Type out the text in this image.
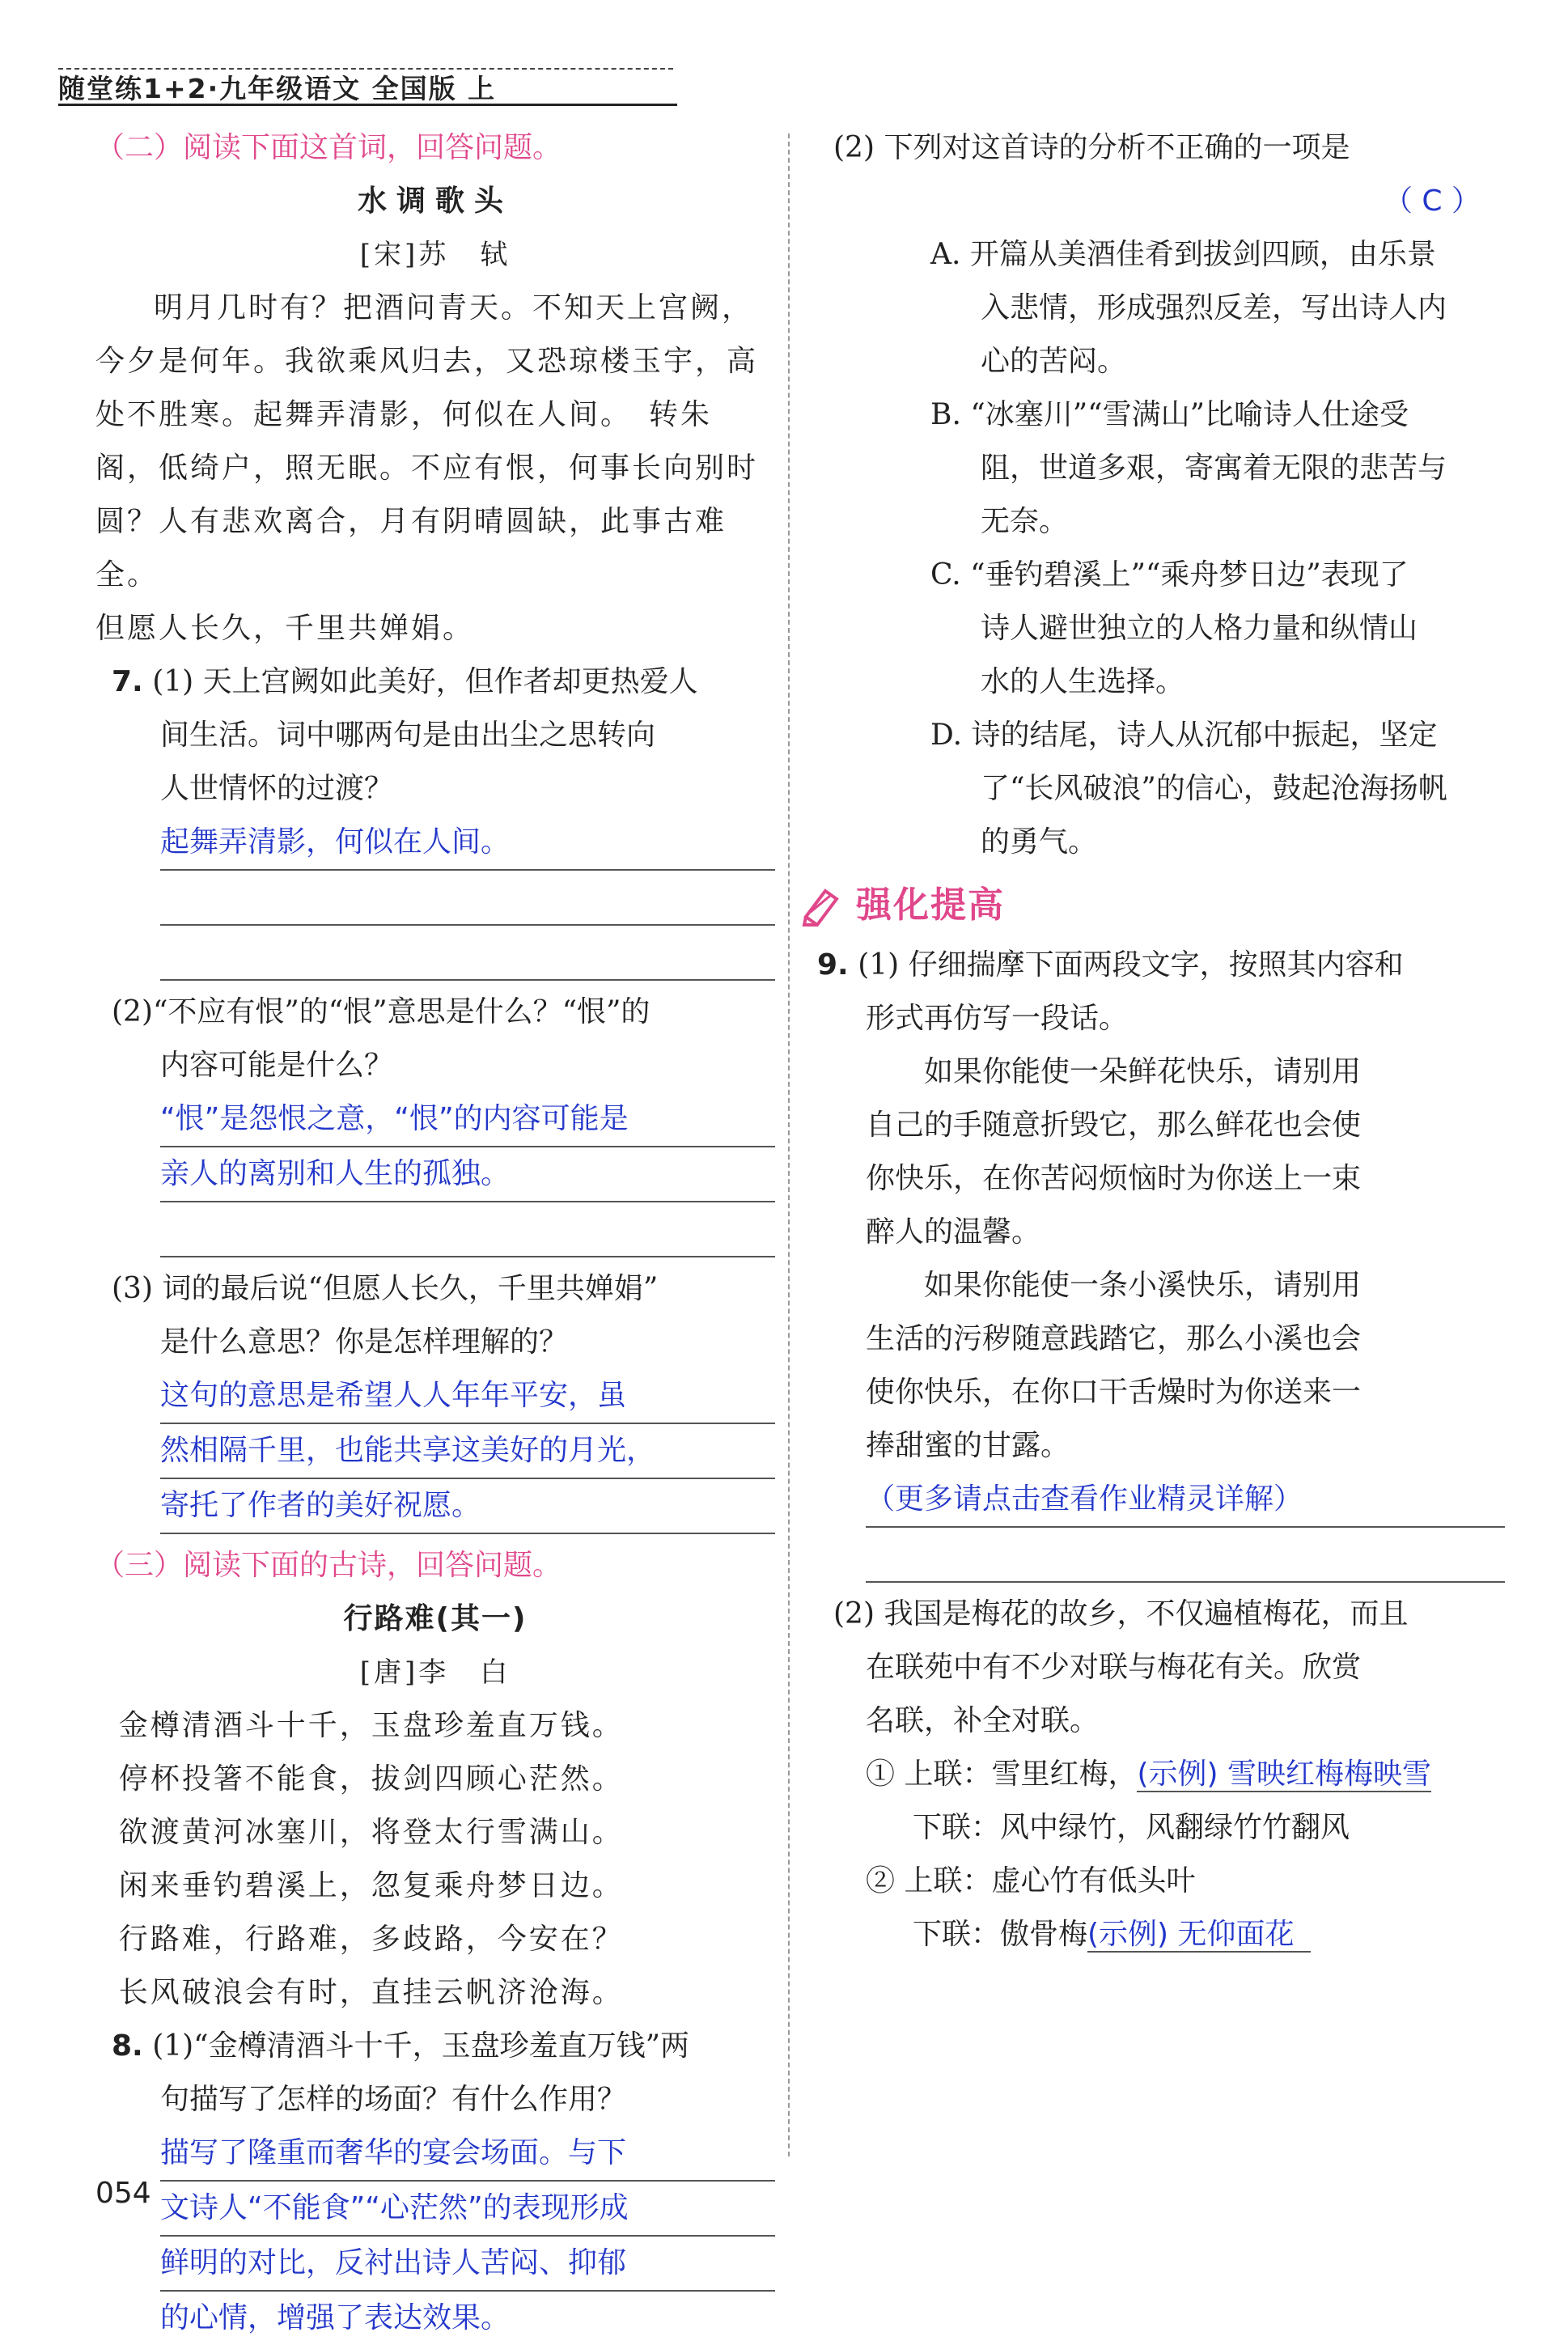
随堂练1+2·九年级语文 全国版 上
（二）阅读下面这首词，回答问题。
水调歌头
[宋]苏　轼
明月几时有？把酒问青天。不知天上宫阙，
今夕是何年。我欲乘风归去，又恐琼楼玉宇，高
处不胜寒。起舞弄清影，何似在人间。　转朱
阁，低绮户，照无眠。不应有恨，何事长向别时
圆？人有悲欢离合，月有阴晴圆缺，此事古难全。
但愿人长久，千里共婵娟。
7. (1) 天上宫阙如此美好，但作者却更热爱人
间生活。词中哪两句是由出尘之思转向
人世情怀的过渡？
起舞弄清影，何似在人间。
(2)“不应有恨”的“恨”意思是什么？“恨”的
内容可能是什么？
“恨”是怨恨之意，“恨”的内容可能是
亲人的离别和人生的孤独。
(3) 词的最后说“但愿人长久，千里共婵娟”
是什么意思？你是怎样理解的？
这句的意思是希望人人年年平安，虽
然相隔千里，也能共享这美好的月光，
寄托了作者的美好祝愿。
（三）阅读下面的古诗，回答问题。
行路难(其一)
[唐]李　白
金樽清酒斗十千，玉盘珍羞直万钱。
停杯投箸不能食，拔剑四顾心茫然。
欲渡黄河冰塞川，将登太行雪满山。
闲来垂钓碧溪上，忽复乘舟梦日边。
行路难，行路难，多歧路，今安在？
长风破浪会有时，直挂云帆济沧海。
8. (1)“金樽清酒斗十千，玉盘珍羞直万钱”两
句描写了怎样的场面？有什么作用？
描写了隆重而奢华的宴会场面。与下
文诗人“不能食”“心茫然”的表现形成
鲜明的对比，反衬出诗人苦闷、抑郁
的心情，增强了表达效果。
054
(2) 下列对这首诗的分析不正确的一项是
（ C ）
A. 开篇从美酒佳肴到拔剑四顾，由乐景
入悲情，形成强烈反差，写出诗人内
心的苦闷。
B. “冰塞川”“雪满山”比喻诗人仕途受
阻，世道多艰，寄寓着无限的悲苦与
无奈。
C. “垂钓碧溪上”“乘舟梦日边”表现了
诗人避世独立的人格力量和纵情山
水的人生选择。
D. 诗的结尾，诗人从沉郁中振起，坚定
了“长风破浪”的信心，鼓起沧海扬帆
的勇气。
强化提高
9. (1) 仔细揣摩下面两段文字，按照其内容和
形式再仿写一段话。
如果你能使一朵鲜花快乐，请别用
自己的手随意折毁它，那么鲜花也会使
你快乐，在你苦闷烦恼时为你送上一束
醉人的温馨。
如果你能使一条小溪快乐，请别用
生活的污秽随意践踏它，那么小溪也会
使你快乐，在你口干舌燥时为你送来一
捧甜蜜的甘露。
（更多请点击查看作业精灵详解）
(2) 我国是梅花的故乡，不仅遍植梅花，而且
在联苑中有不少对联与梅花有关。欣赏
名联，补全对联。
① 上联：雪里红梅，(示例) 雪映红梅梅映雪
下联：风中绿竹，风翻绿竹竹翻风
② 上联：虚心竹有低头叶
下联：傲骨梅(示例) 无仰面花
